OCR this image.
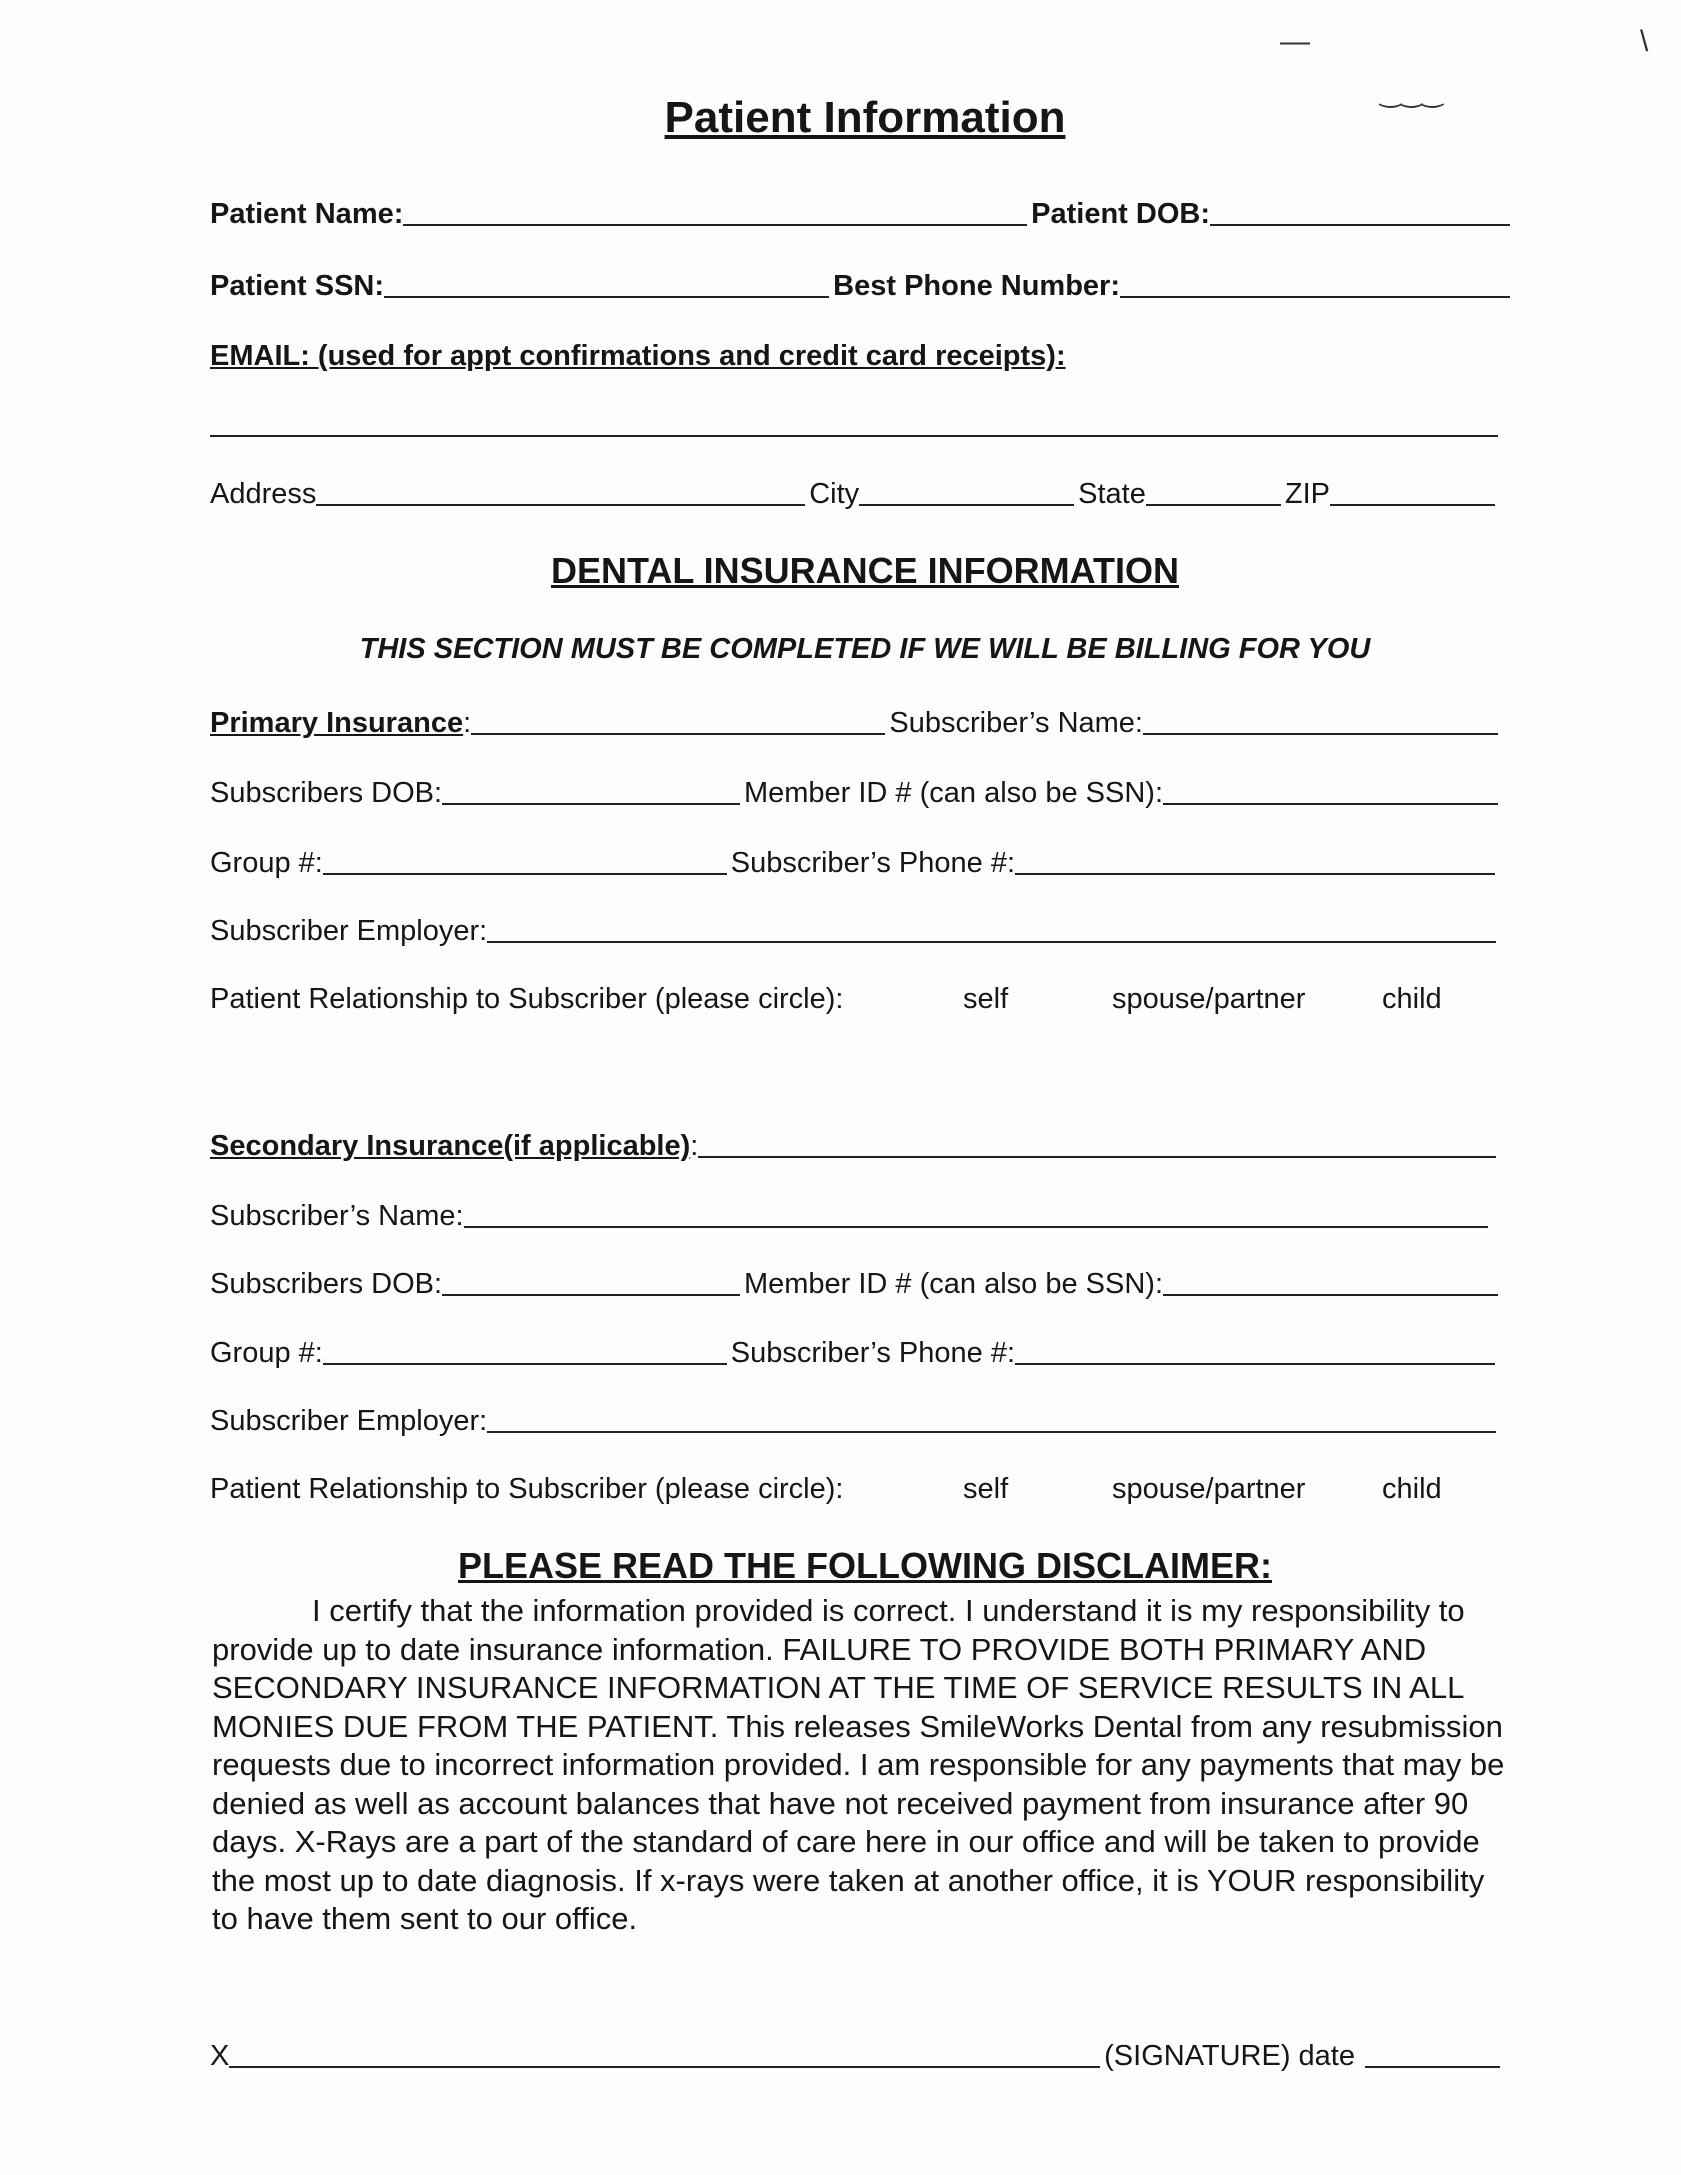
—
‿‿‿
\
Patient Information
Patient Name:	Patient DOB:
Patient SSN:	Best Phone Number:
EMAIL: (used for appt confirmations and credit card receipts):
Address	City	State	ZIP
DENTAL INSURANCE INFORMATION
THIS SECTION MUST BE COMPLETED IF WE WILL BE BILLING FOR YOU
Primary Insurance :	Subscriber’s Name:
Subscribers DOB:	Member ID # (can also be SSN):
Group #:	Subscriber’s Phone #:
Subscriber Employer:
Patient Relationship to Subscriber (please circle):	self	spouse/partner	child
Secondary Insurance(if applicable) :
Subscriber’s Name:
Subscribers DOB:	Member ID # (can also be SSN):
Group #:	Subscriber’s Phone #:
Subscriber Employer:
Patient Relationship to Subscriber (please circle):	self	spouse/partner	child
PLEASE READ THE FOLLOWING DISCLAIMER:

I certify that the information provided is correct. I understand it is my responsibility to provide up to date insurance information. FAILURE TO PROVIDE BOTH PRIMARY AND SECONDARY INSURANCE INFORMATION AT THE TIME OF SERVICE RESULTS IN ALL MONIES DUE FROM THE PATIENT. This releases SmileWorks Dental from any resubmission requests due to incorrect information provided. I am responsible for any payments that may be denied as well as account balances that have not received payment from insurance after 90 days. X-Rays are a part of the standard of care here in our office and will be taken to provide the most up to date diagnosis. If x-rays were taken at another office, it is YOUR responsibility to have them sent to our office.

X	(SIGNATURE) date
